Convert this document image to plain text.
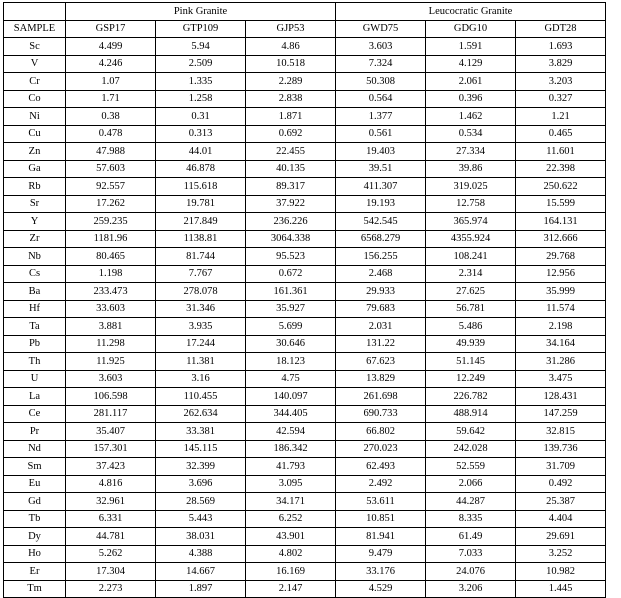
	Pink Granite			Leucocratic Granite		
SAMPLE	GSP17	GTP109	GJP53	GWD75	GDG10	GDT28
Sc	4.499	5.94	4.86	3.603	1.591	1.693
V	4.246	2.509	10.518	7.324	4.129	3.829
Cr	1.07	1.335	2.289	50.308	2.061	3.203
Co	1.71	1.258	2.838	0.564	0.396	0.327
Ni	0.38	0.31	1.871	1.377	1.462	1.21
Cu	0.478	0.313	0.692	0.561	0.534	0.465
Zn	47.988	44.01	22.455	19.403	27.334	11.601
Ga	57.603	46.878	40.135	39.51	39.86	22.398
Rb	92.557	115.618	89.317	411.307	319.025	250.622
Sr	17.262	19.781	37.922	19.193	12.758	15.599
Y	259.235	217.849	236.226	542.545	365.974	164.131
Zr	1181.96	1138.81	3064.338	6568.279	4355.924	312.666
Nb	80.465	81.744	95.523	156.255	108.241	29.768
Cs	1.198	7.767	0.672	2.468	2.314	12.956
Ba	233.473	278.078	161.361	29.933	27.625	35.999
Hf	33.603	31.346	35.927	79.683	56.781	11.574
Ta	3.881	3.935	5.699	2.031	5.486	2.198
Pb	11.298	17.244	30.646	131.22	49.939	34.164
Th	11.925	11.381	18.123	67.623	51.145	31.286
U	3.603	3.16	4.75	13.829	12.249	3.475
La	106.598	110.455	140.097	261.698	226.782	128.431
Ce	281.117	262.634	344.405	690.733	488.914	147.259
Pr	35.407	33.381	42.594	66.802	59.642	32.815
Nd	157.301	145.115	186.342	270.023	242.028	139.736
Sm	37.423	32.399	41.793	62.493	52.559	31.709
Eu	4.816	3.696	3.095	2.492	2.066	0.492
Gd	32.961	28.569	34.171	53.611	44.287	25.387
Tb	6.331	5.443	6.252	10.851	8.335	4.404
Dy	44.781	38.031	43.901	81.941	61.49	29.691
Ho	5.262	4.388	4.802	9.479	7.033	3.252
Er	17.304	14.667	16.169	33.176	24.076	10.982
Tm	2.273	1.897	2.147	4.529	3.206	1.445
